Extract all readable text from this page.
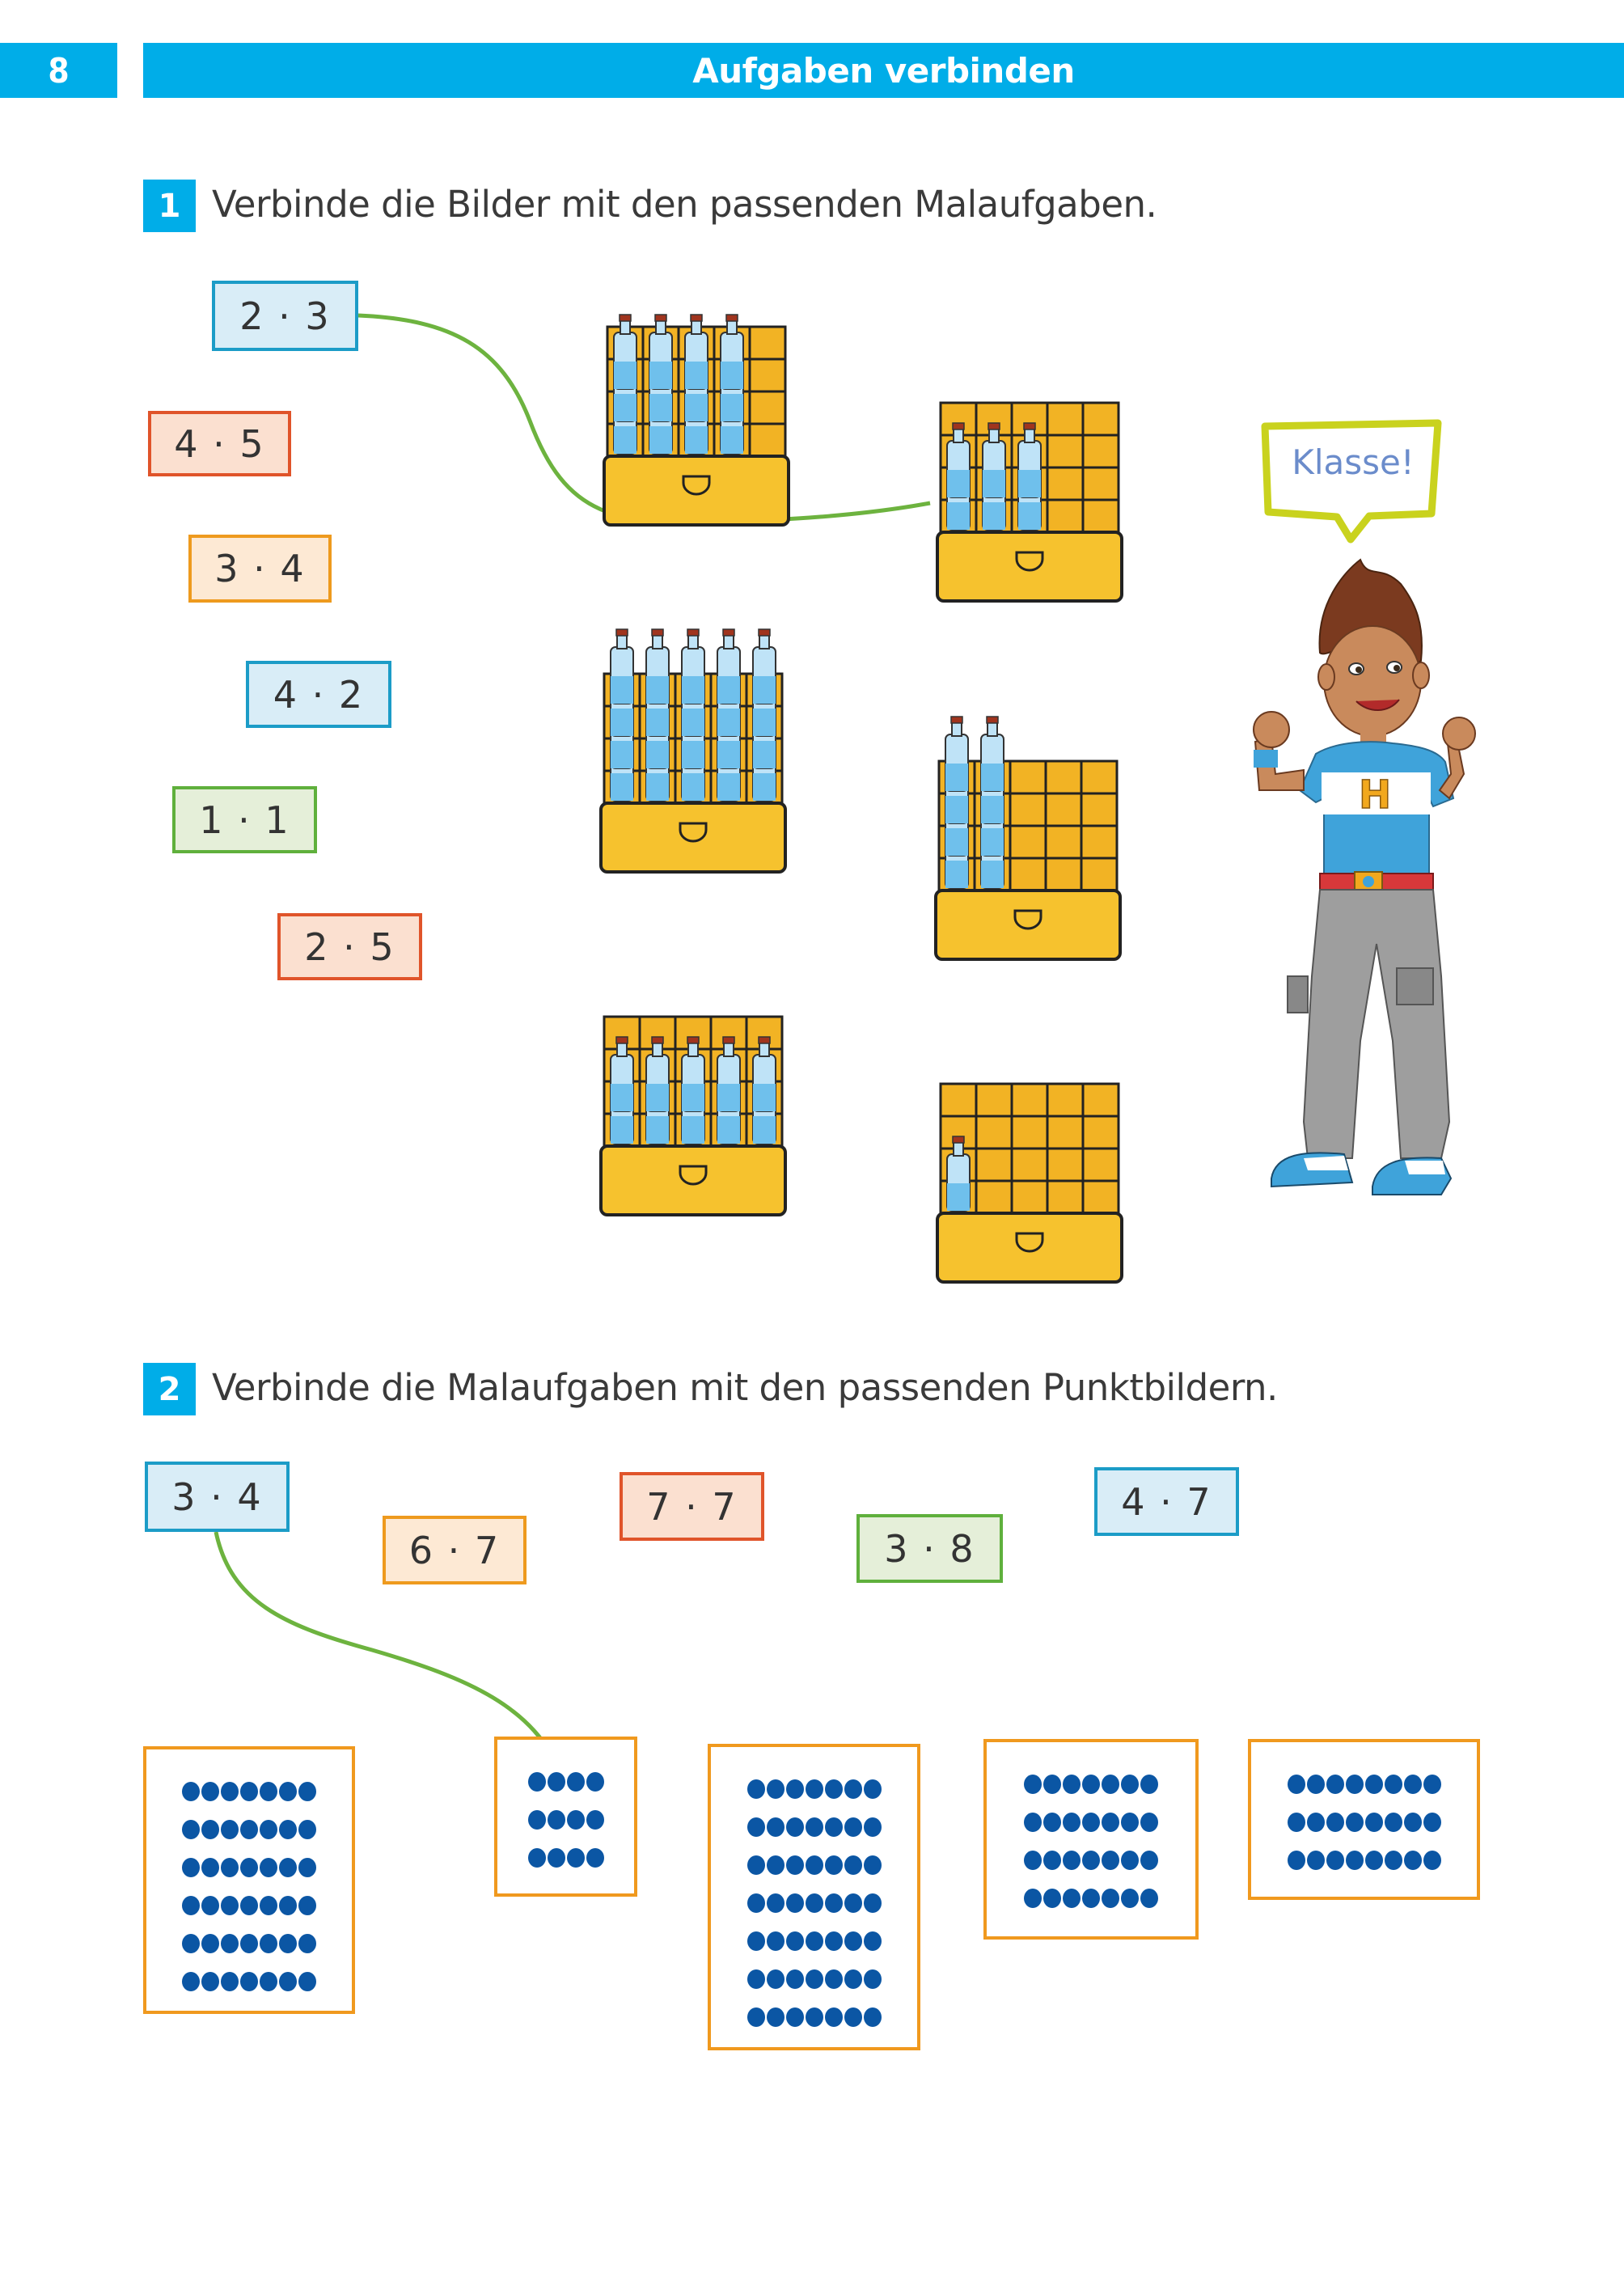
8	Aufgaben verbinden
1 Verbinde die Bilder mit den passenden Malaufgaben.
2 · 3
4 · 5
3 · 4
4 · 2
1 · 1
2 · 5
Klasse!
H
2 Verbinde die Malaufgaben mit den passenden Punktbildern.
3 · 4
6 · 7
7 · 7
3 · 8
4 · 7
